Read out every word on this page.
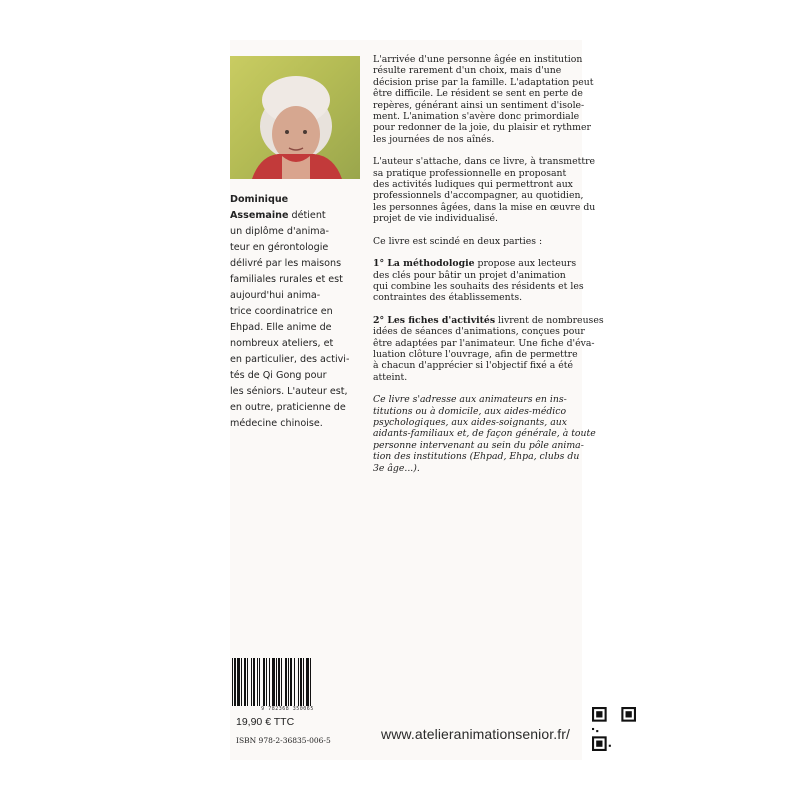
Dominique
Assemaine détient
un diplôme d'anima-
teur en gérontologie
délivré par les maisons
familiales rurales et est
aujourd'hui anima-
trice coordinatrice en
Ehpad. Elle anime de
nombreux ateliers, et
en particulier, des activi-
tés de Qi Gong pour
les séniors. L'auteur est,
en outre, praticienne de
médecine chinoise.

L'arrivée d'une personne âgée en institution
résulte rarement d'un choix, mais d'une
décision prise par la famille. L'adaptation peut
être difficile. Le résident se sent en perte de
repères, générant ainsi un sentiment d'isole-
ment. L'animation s'avère donc primordiale
pour redonner de la joie, du plaisir et rythmer
les journées de nos aînés.

L'auteur s'attache, dans ce livre, à transmettre
sa pratique professionnelle en proposant
des activités ludiques qui permettront aux
professionnels d'accompagner, au quotidien,
les personnes âgées, dans la mise en œuvre du
projet de vie individualisé.

Ce livre est scindé en deux parties :

1° La méthodologie propose aux lecteurs
des clés pour bâtir un projet d'animation
qui combine les souhaits des résidents et les
contraintes des établissements.

2° Les fiches d'activités livrent de nombreuses
idées de séances d'animations, conçues pour
être adaptées par l'animateur. Une fiche d'éva-
luation clôture l'ouvrage, afin de permettre
à chacun d'apprécier si l'objectif fixé a été
atteint.

Ce livre s'adresse aux animateurs en ins-
titutions ou à domicile, aux aides-médico
psychologiques, aux aides-soignants, aux
aidants-familiaux et, de façon générale, à toute
personne intervenant au sein du pôle anima-
tion des institutions (Ehpad, Ehpa, clubs du
3e âge...).

9 782368 350065
19,90 € TTC
ISBN 978-2-36835-006-5	www.atelieranimationsenior.fr/
